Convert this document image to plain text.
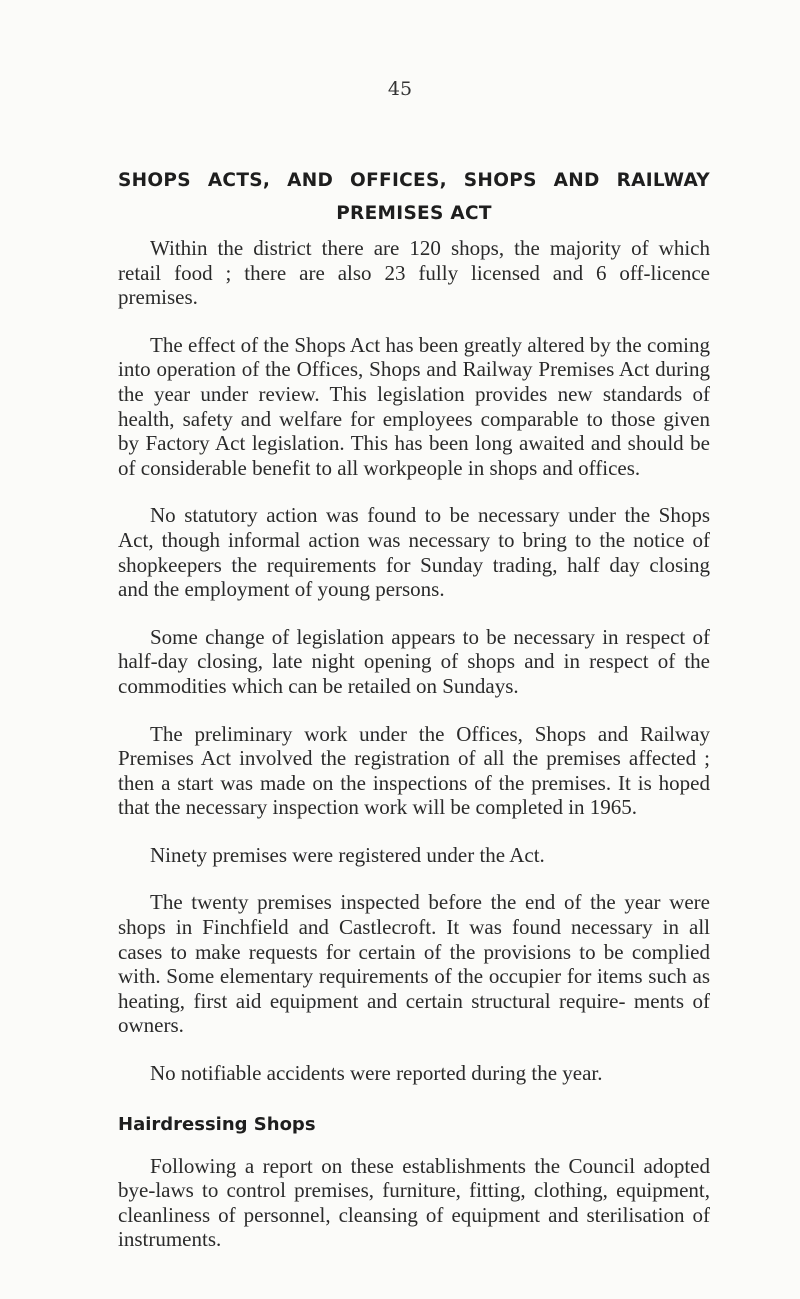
45
SHOPS ACTS, AND OFFICES, SHOPS AND RAILWAY
PREMISES ACT

Within the district there are 120 shops, the majority of which retail food ; there are also 23 fully licensed and 6 off-licence premises.

The effect of the Shops Act has been greatly altered by the coming into operation of the Offices, Shops and Railway Premises Act during the year under review. This legislation provides new standards of health, safety and welfare for employees comparable to those given by Factory Act legislation. This has been long awaited and should be of considerable benefit to all workpeople in shops and offices.

No statutory action was found to be necessary under the Shops Act, though informal action was necessary to bring to the notice of shopkeepers the requirements for Sunday trading, half day closing and the employment of young persons.

Some change of legislation appears to be necessary in respect of half-day closing, late night opening of shops and in respect of the commodities which can be retailed on Sundays.

The preliminary work under the Offices, Shops and Railway Premises Act involved the registration of all the premises affected ; then a start was made on the inspections of the premises. It is hoped that the necessary inspection work will be completed in 1965.

Ninety premises were registered under the Act.

The twenty premises inspected before the end of the year were shops in Finchfield and Castlecroft. It was found necessary in all cases to make requests for certain of the provisions to be complied with. Some elementary requirements of the occupier for items such as heating, first aid equipment and certain structural require- ments of owners.

No notifiable accidents were reported during the year.

Hairdressing Shops

Following a report on these establishments the Council adopted bye-laws to control premises, furniture, fitting, clothing, equipment, cleanliness of personnel, cleansing of equipment and sterilisation of instruments.
